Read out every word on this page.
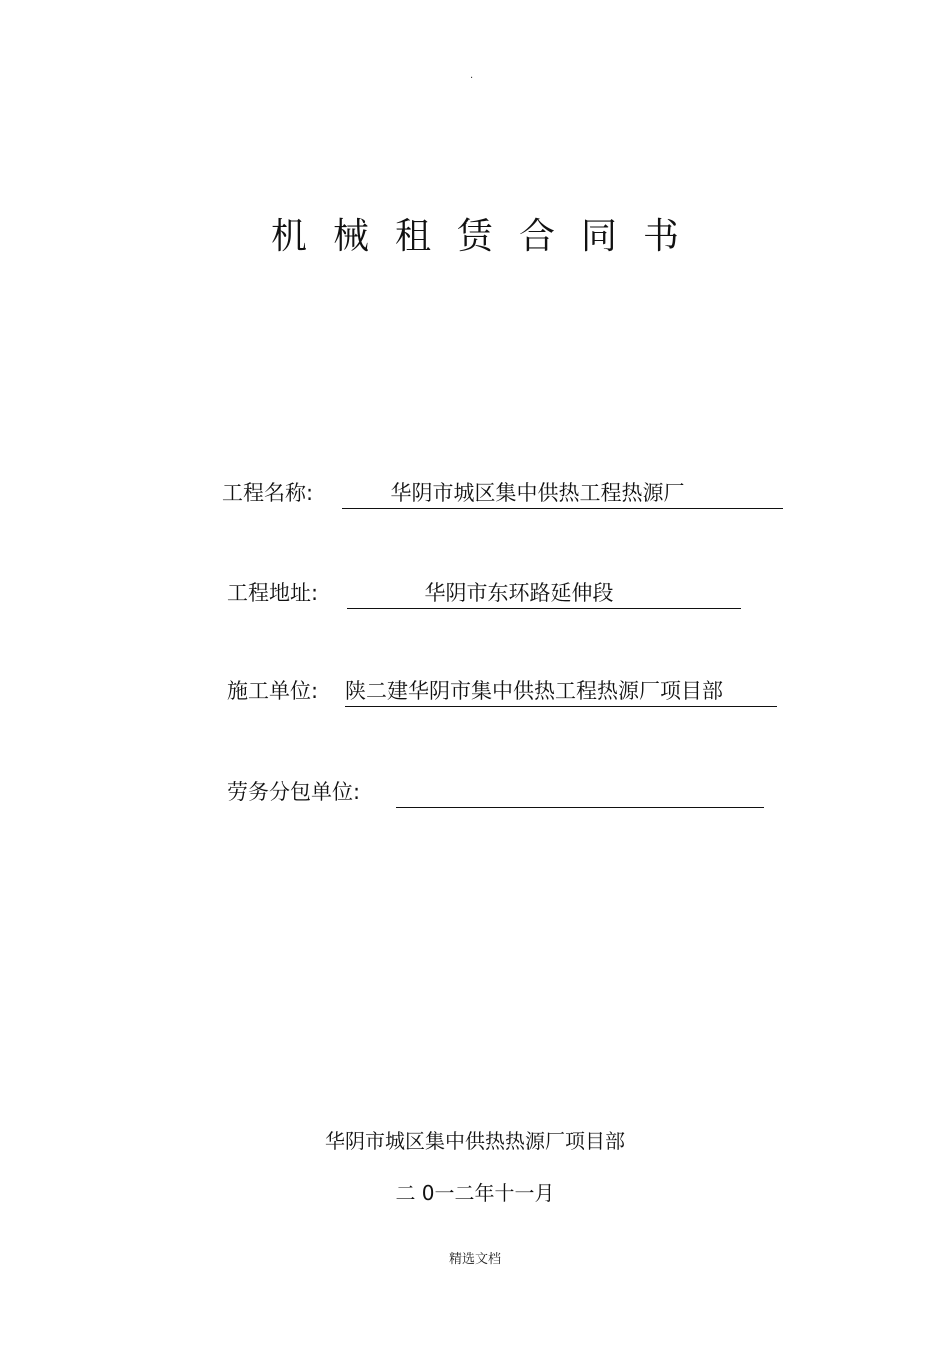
.
机械租赁合同书
工程名称:	华阴市城区集中供热工程热源厂
工程地址:	华阴市东环路延伸段
施工单位: 陕二建华阴市集中供热工程热源厂项目部
劳务分包单位:
华阴市城区集中供热热源厂项目部
二 0一二年十一月
精选文档
